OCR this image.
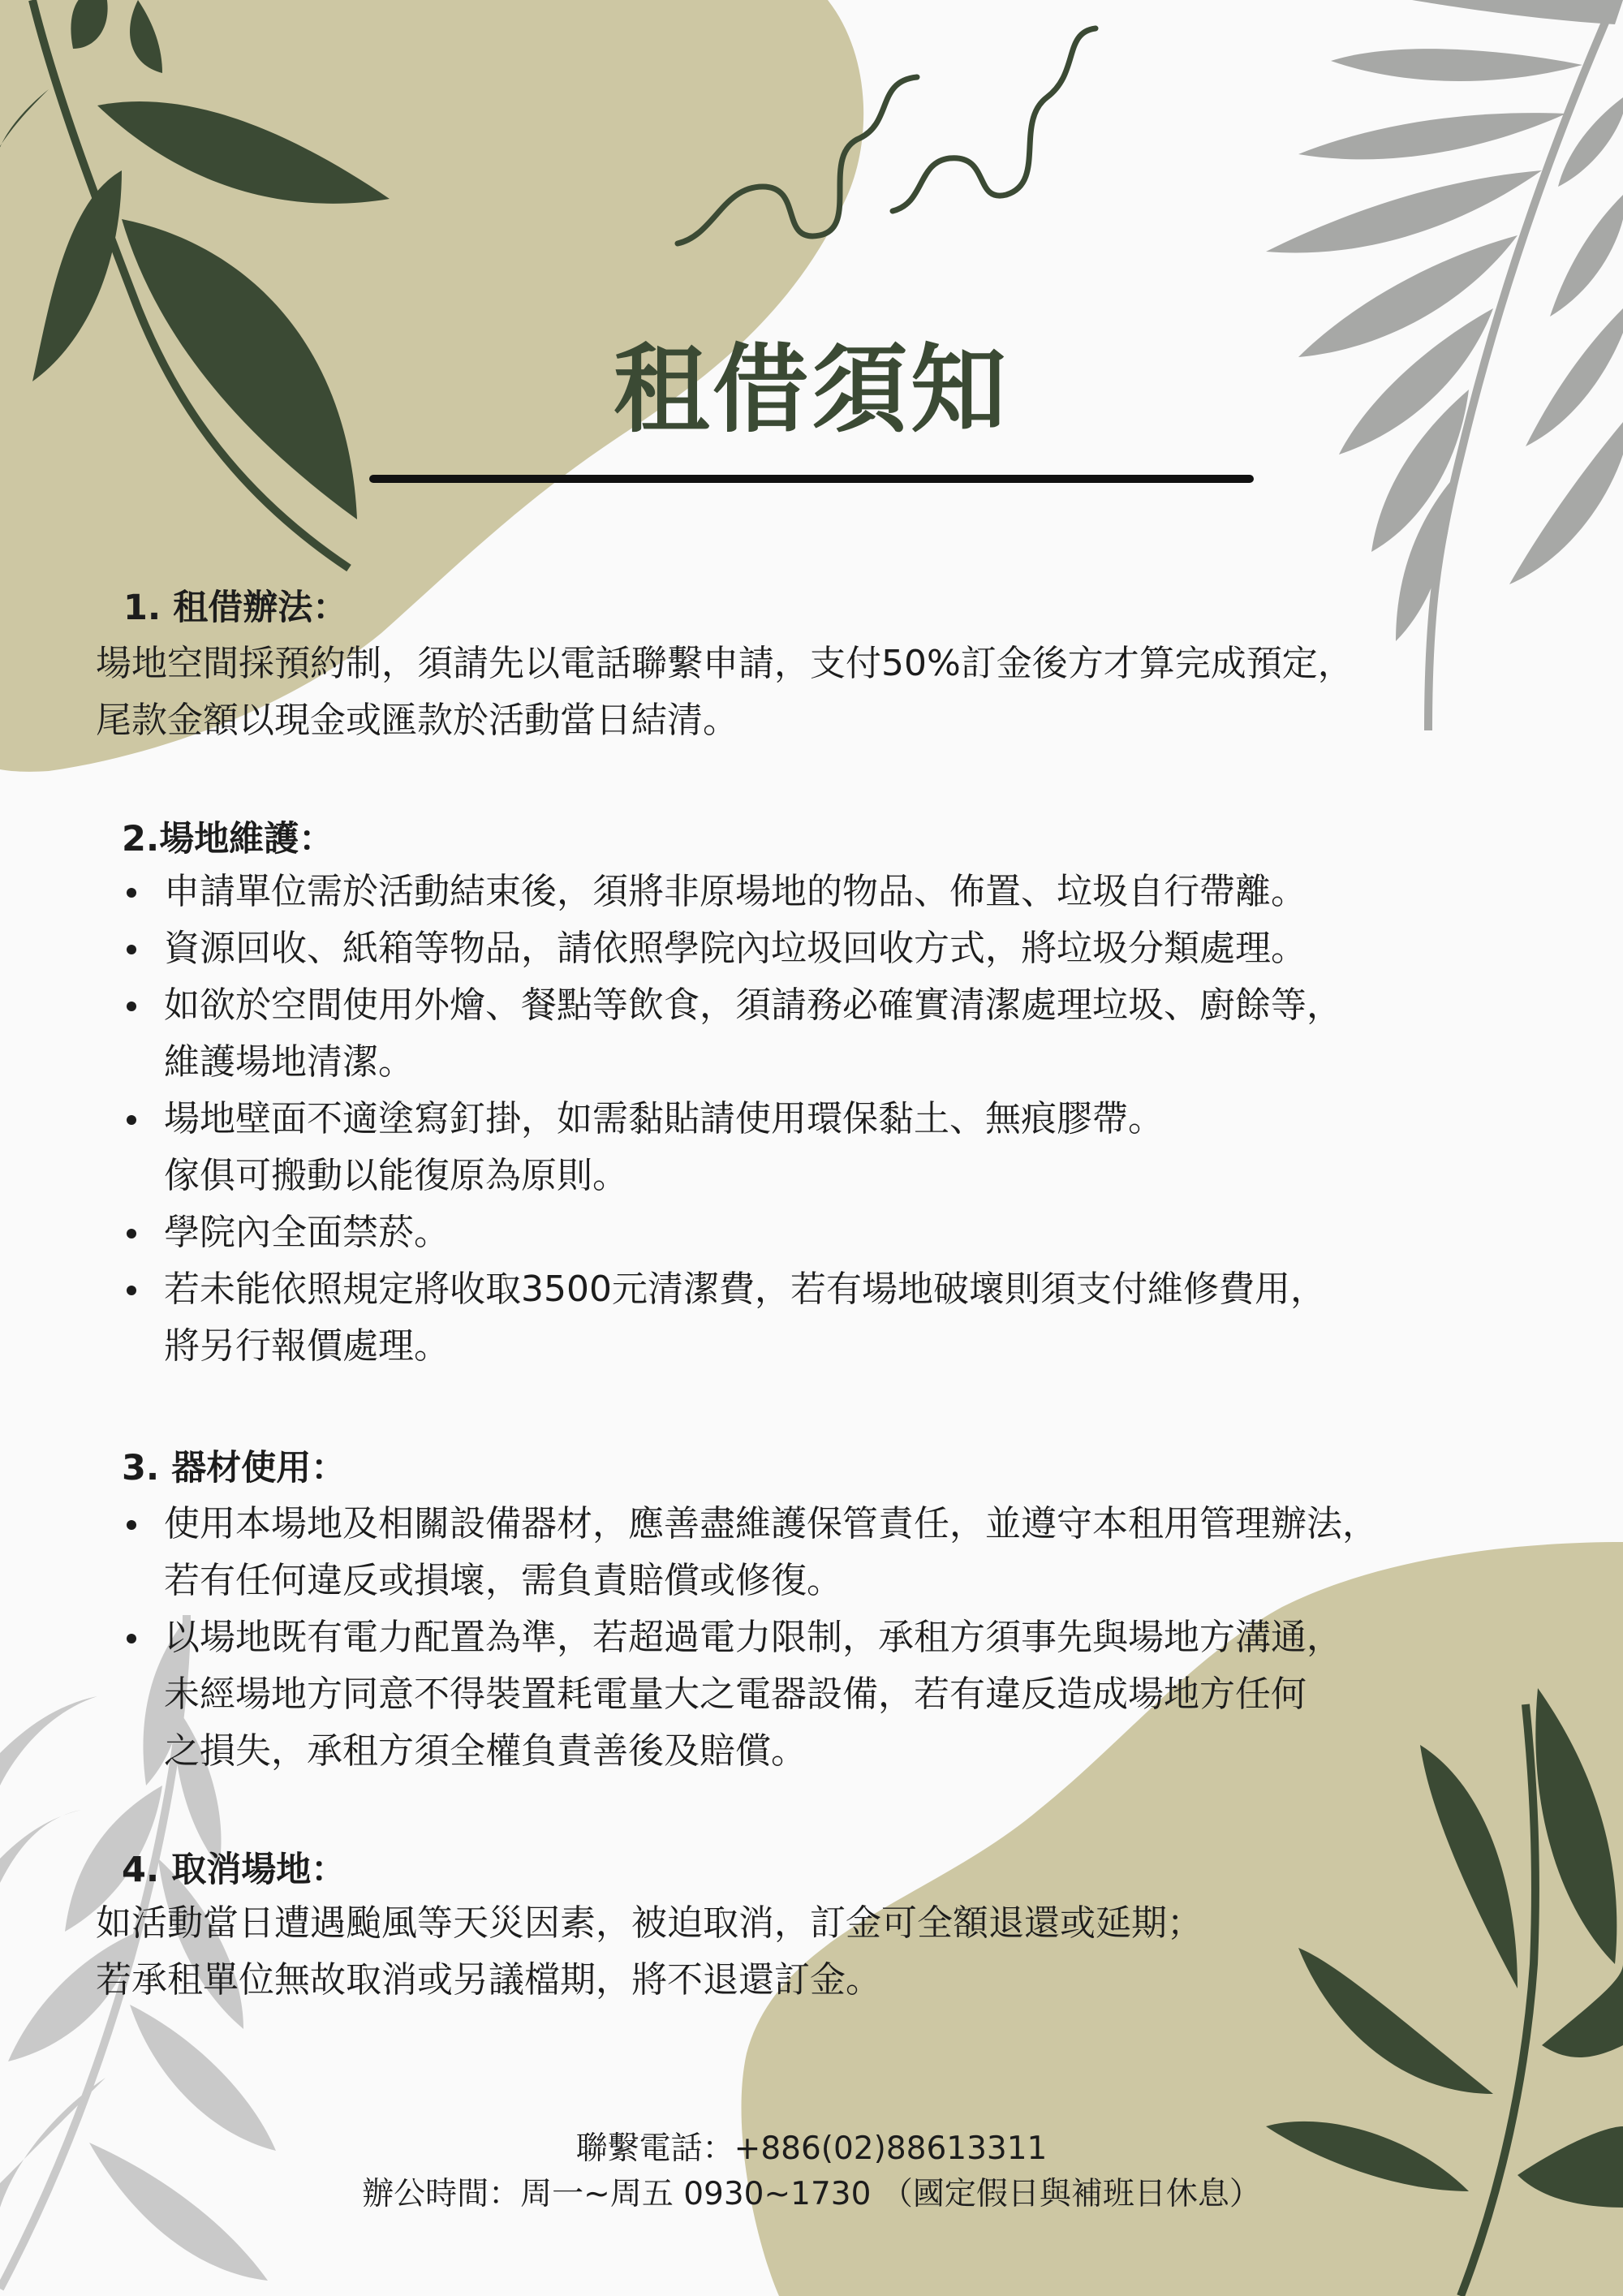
租借須知
1. 租借辦法：

場地空間採預約制，須請先以電話聯繫申請，支付50%訂金後方才算完成預定，

尾款金額以現金或匯款於活動當日結清。

2.場地維護：
申請單位需於活動結束後，須將非原場地的物品、佈置、垃圾自行帶離。
資源回收、紙箱等物品，請依照學院內垃圾回收方式，將垃圾分類處理。
如欲於空間使用外燴、餐點等飲食，須請務必確實清潔處理垃圾、廚餘等，
維護場地清潔。
場地壁面不適塗寫釘掛，如需黏貼請使用環保黏土、無痕膠帶。
傢俱可搬動以能復原為原則。
學院內全面禁菸。
若未能依照規定將收取3500元清潔費，若有場地破壞則須支付維修費用，
將另行報價處理。
3. 器材使用：
使用本場地及相關設備器材，應善盡維護保管責任，並遵守本租用管理辦法，
若有任何違反或損壞，需負責賠償或修復。
以場地既有電力配置為準，若超過電力限制，承租方須事先與場地方溝通，
未經場地方同意不得裝置耗電量大之電器設備，若有違反造成場地方任何
之損失，承租方須全權負責善後及賠償。
4. 取消場地：

如活動當日遭遇颱風等天災因素，被迫取消，訂金可全額退還或延期；

若承租單位無故取消或另議檔期，將不退還訂金。

聯繫電話：+886(02)88613311
辦公時間：周一~周五 0930~1730 （國定假日與補班日休息）
